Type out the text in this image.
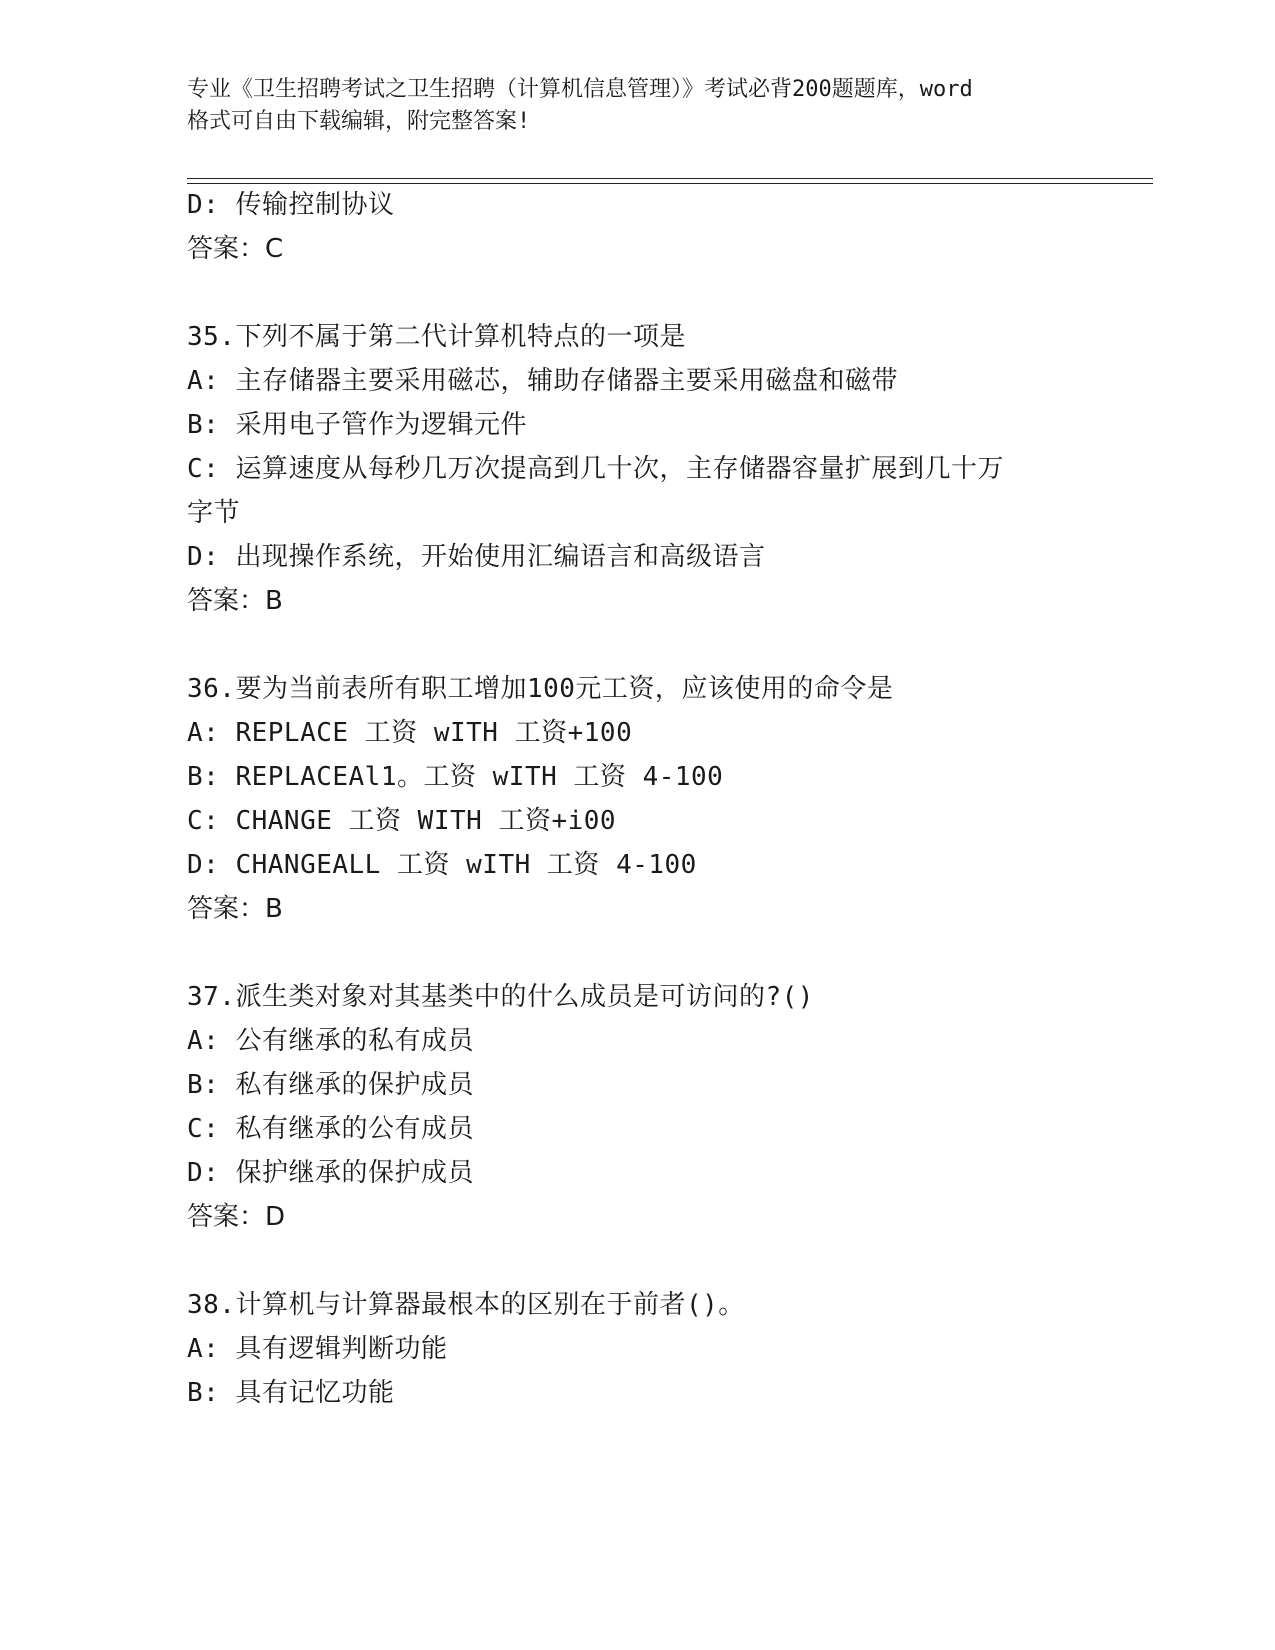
专业《卫生招聘考试之卫生招聘（计算机信息管理）》考试必背200题题库，word
格式可自由下载编辑，附完整答案!
D: 传输控制协议
答案：C
35.下列不属于第二代计算机特点的一项是
A: 主存储器主要采用磁芯，辅助存储器主要采用磁盘和磁带
B: 采用电子管作为逻辑元件
C: 运算速度从每秒几万次提高到几十次，主存储器容量扩展到几十万
字节
D: 出现操作系统，开始使用汇编语言和高级语言
答案：B
36.要为当前表所有职工增加100元工资，应该使用的命令是
A: REPLACE 工资 wITH 工资+100
B: REPLACEAl1。工资 wITH 工资 4-100
C: CHANGE 工资 WITH 工资+i00
D: CHANGEALL 工资 wITH 工资 4-100
答案：B
37.派生类对象对其基类中的什么成员是可访问的?()
A: 公有继承的私有成员
B: 私有继承的保护成员
C: 私有继承的公有成员
D: 保护继承的保护成员
答案：D
38.计算机与计算器最根本的区别在于前者()。
A: 具有逻辑判断功能
B: 具有记忆功能
